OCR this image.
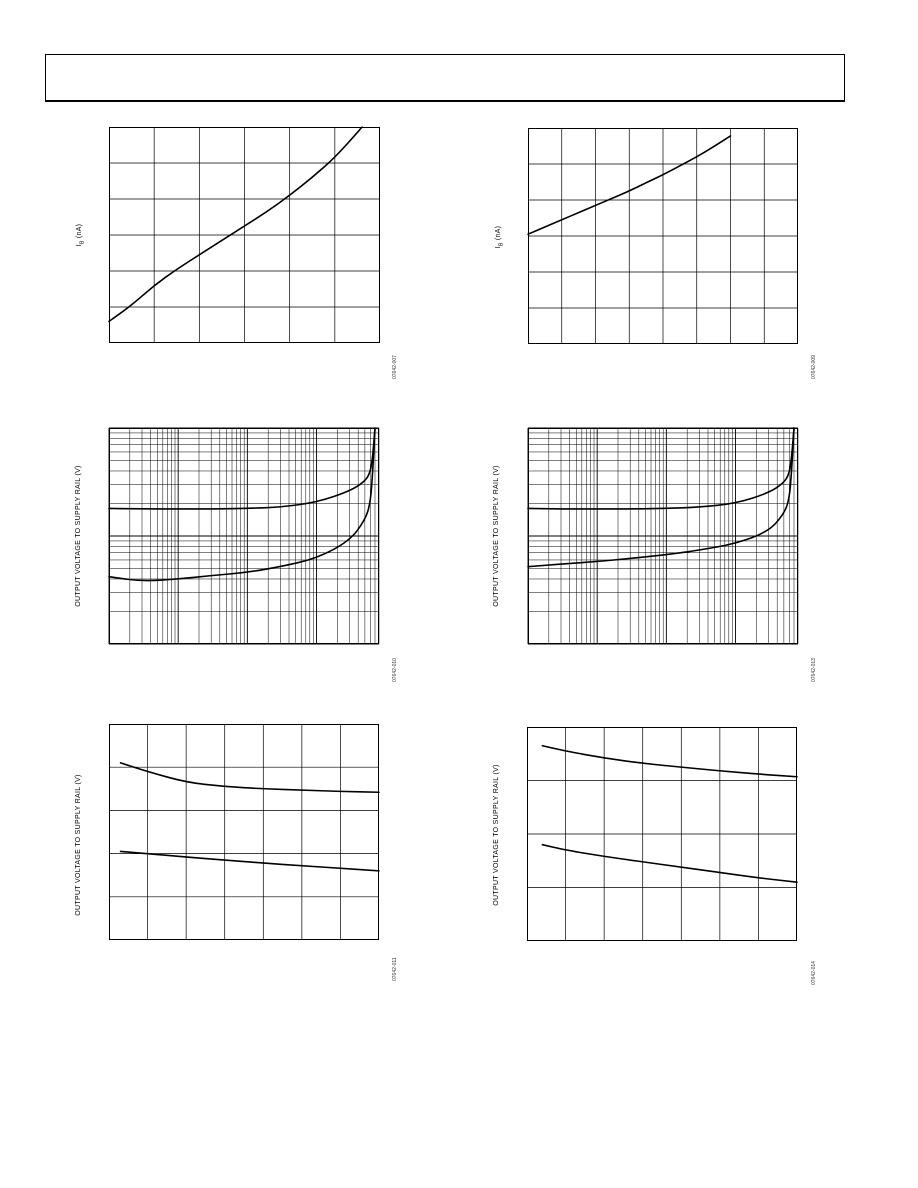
$I_B$ (nA)
07642-007
$I_B$ (nA)
07642-009
OUTPUT VOLTAGE TO SUPPLY RAIL (V)
07642-010
OUTPUT VOLTAGE TO SUPPLY RAIL (V)
07642-013
OUTPUT VOLTAGE TO SUPPLY RAIL (V)
07642-011
OUTPUT VOLTAGE TO SUPPLY RAIL (V)
07642-014
